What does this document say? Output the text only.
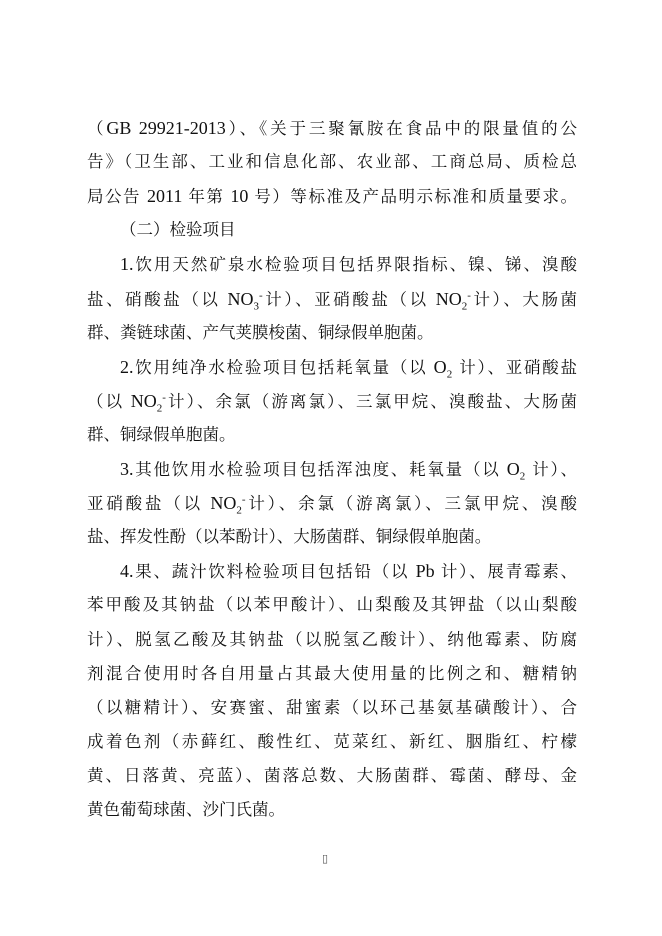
（GB 29921-2013）、《关于三聚氰胺在食品中的限量值的公
告》（卫生部、工业和信息化部、农业部、工商总局、质检总
局公告 2011 年第 10 号）等标准及产品明示标准和质量要求。
（二）检验项目
1.饮用天然矿泉水检验项目包括界限指标、镍、锑、溴酸
盐、硝酸盐（以 $NO_3^-$计）、亚硝酸盐（以 $NO_2^-$计）、大肠菌
群、粪链球菌、产气荚膜梭菌、铜绿假单胞菌。
2.饮用纯净水检验项目包括耗氧量（以 $O_2$ 计）、亚硝酸盐
（以 $NO_2^-$计）、余氯（游离氯）、三氯甲烷、溴酸盐、大肠菌
群、铜绿假单胞菌。
3.其他饮用水检验项目包括浑浊度、耗氧量（以 $O_2$ 计）、
亚硝酸盐（以 $NO_2^-$计）、余氯（游离氯）、三氯甲烷、溴酸
盐、挥发性酚（以苯酚计）、大肠菌群、铜绿假单胞菌。
4.果、蔬汁饮料检验项目包括铅（以 Pb 计）、展青霉素、
苯甲酸及其钠盐（以苯甲酸计）、山梨酸及其钾盐（以山梨酸
计）、脱氢乙酸及其钠盐（以脱氢乙酸计）、纳他霉素、防腐
剂混合使用时各自用量占其最大使用量的比例之和、糖精钠
（以糖精计）、安赛蜜、甜蜜素（以环己基氨基磺酸计）、合
成着色剂（赤藓红、酸性红、苋菜红、新红、胭脂红、柠檬
黄、日落黄、亮蓝）、菌落总数、大肠菌群、霉菌、酵母、金
黄色葡萄球菌、沙门氏菌。
▯
